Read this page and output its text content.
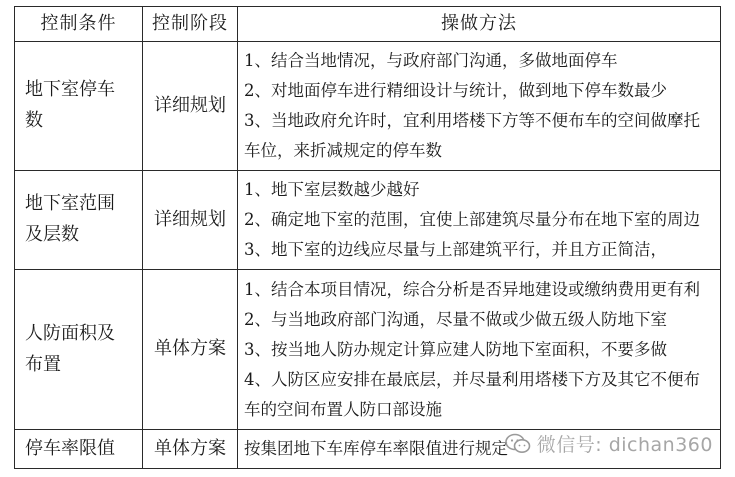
控制条件	控制阶段	操做方法
地下室停车
数	详细规划	1、结合当地情况，与政府部门沟通，多做地面停车
2、对地面停车进行精细设计与统计，做到地下停车数最少
3、当地政府允许时，宜利用塔楼下方等不便布车的空间做摩托
车位，来折减规定的停车数

地下室范围
及层数	详细规划	1、地下室层数越少越好
2、确定地下室的范围，宜使上部建筑尽量分布在地下室的周边
3、地下室的边线应尽量与上部建筑平行，并且方正简洁，

人防面积及
布置	单体方案	1、结合本项目情况，综合分析是否异地建设或缴纳费用更有利
2、与当地政府部门沟通，尽量不做或少做五级人防地下室
3、按当地人防办规定计算应建人防地下室面积，不要多做
4、人防区应安排在最底层，并尽量利用塔楼下方及其它不便布
车的空间布置人防口部设施

停车率限值	单体方案	按集团地下车库停车率限值进行规定	微信号: dichan360
